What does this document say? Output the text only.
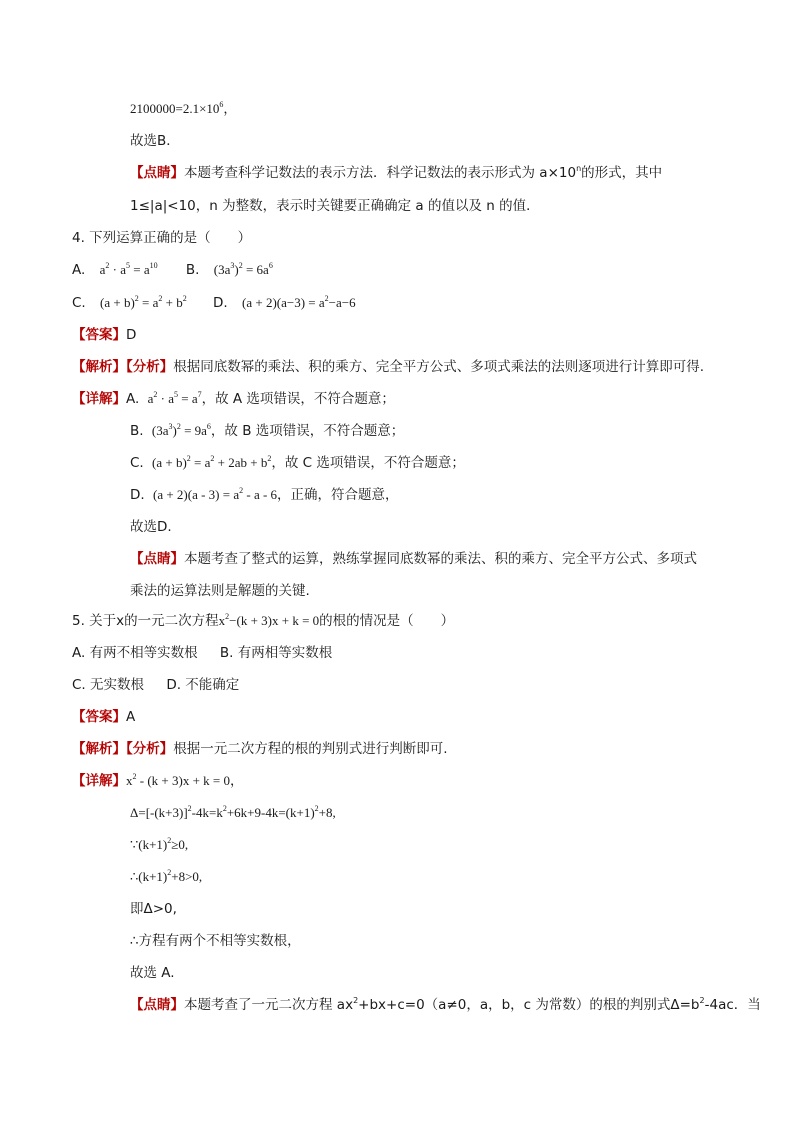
$2100000=2.1\times 10^6$，
故选B．
【点睛】本题考查科学记数法的表示方法．科学记数法的表示形式为 $a\times 10^n$的形式，其中
1≤|a|<10，n 为整数，表示时关键要正确确定 a 的值以及 n 的值．
4. 下列运算正确的是（　　）
A. $a^2 \cdot a^5 = a^{10}$ B. $(3a^3)^2 = 6a^6$
C. $(a + b)^2 = a^2 + b^2$ D. $(a + 2)(a-3) = a^2-a-6$
【答案】D
【解析】【分析】根据同底数幂的乘法、积的乘方、完全平方公式、多项式乘法的法则逐项进行计算即可得.
【详解】A. $a^2 \cdot a^5 = a^7$，故 A 选项错误，不符合题意；
B. $(3a^3)^2 = 9a^6$，故 B 选项错误，不符合题意；
C. $(a + b)^2 = a^2 + 2ab + b^2$，故 C 选项错误，不符合题意；
D. $(a + 2)(a - 3) = a^2 - a - 6$，正确，符合题意，
故选D.
【点睛】本题考查了整式的运算，熟练掌握同底数幂的乘法、积的乘方、完全平方公式、多项式
乘法的运算法则是解题的关键.
5. 关于x的一元二次方程$x^2-(k + 3)x + k = 0$的根的情况是（　　）
A. 有两不相等实数根 B. 有两相等实数根
C. 无实数根 D. 不能确定
【答案】A
【解析】【分析】根据一元二次方程的根的判别式进行判断即可.
【详解】$x^2 - (k + 3)x + k = 0$，
$\Delta=[-(k+3)]^2-4k=k^2+6k+9-4k=(k+1)^2+8$,
$\because(k+1)^2\ge 0$,
$\therefore(k+1)^2+8>0$,
即Δ>0,
∴方程有两个不相等实数根，
故选 A.
【点睛】本题考查了一元二次方程 $ax^2+bx+c=0(a\ne 0$，a，b，c 为常数）的根的判别式$\Delta=b^2-4ac$．当
